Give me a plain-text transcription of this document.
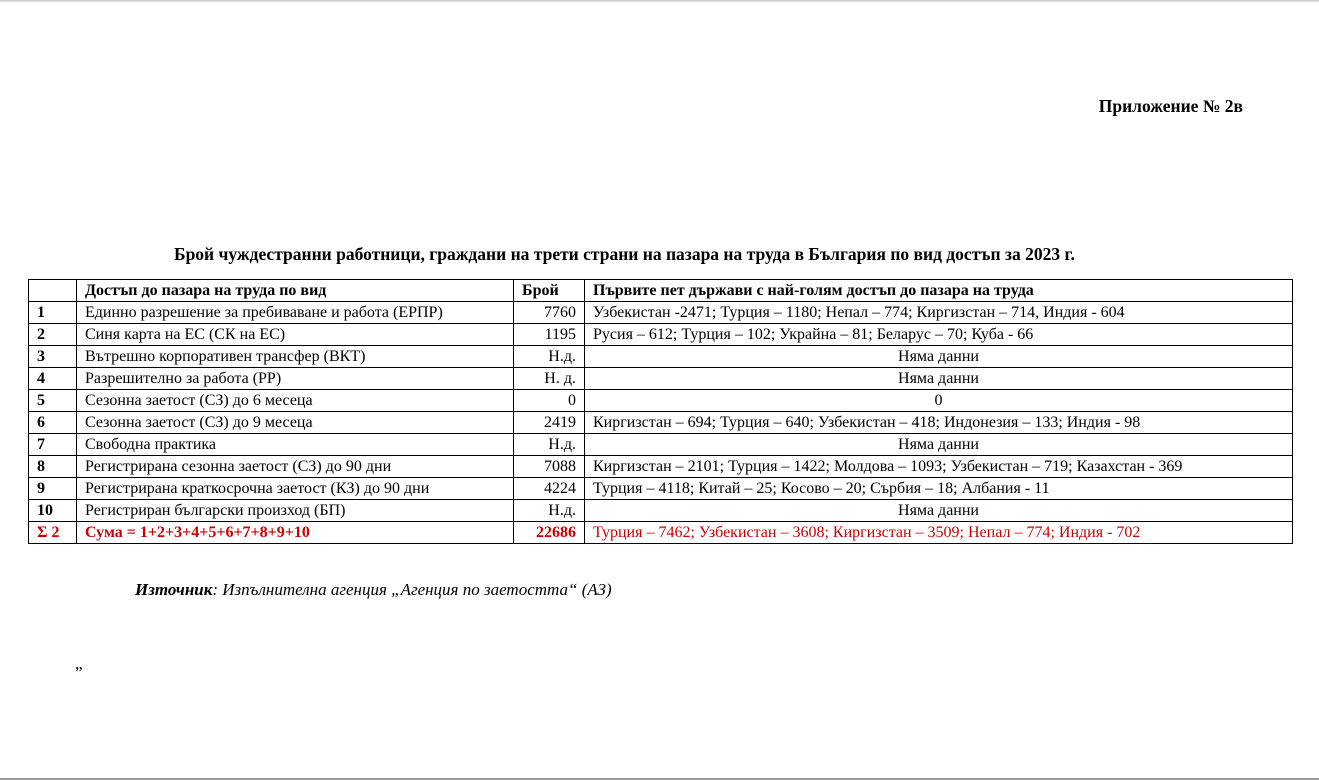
Приложение № 2в
Брой чуждестранни работници, граждани на трети страни на пазара на труда в България по вид достъп за 2023 г.
	Достъп до пазара на труда по вид	Брой	Първите пет държави с най-голям достъп до пазара на труда
1	Единно разрешение за пребиваване и работа (ЕРПР)	7760	Узбекистан -2471; Турция – 1180; Непал – 774; Киргизстан – 714, Индия - 604
2	Синя карта на ЕС (СК на ЕС)	1195	Русия – 612; Турция – 102; Украйна – 81; Беларус – 70; Куба - 66
3	Вътрешно корпоративен трансфер (ВКТ)	Н.д.	Няма данни
4	Разрешително за работа (РР)	Н. д.	Няма данни
5	Сезонна заетост (СЗ) до 6 месеца	0	0
6	Сезонна заетост (СЗ) до 9 месеца	2419	Киргизстан – 694; Турция – 640; Узбекистан – 418; Индонезия – 133; Индия - 98
7	Свободна практика	Н.д.	Няма данни
8	Регистрирана сезонна заетост (СЗ) до 90 дни	7088	Киргизстан – 2101; Турция – 1422; Молдова – 1093; Узбекистан – 719; Казахстан - 369
9	Регистрирана краткосрочна заетост (КЗ) до 90 дни	4224	Турция – 4118; Китай – 25; Косово – 20; Сърбия – 18; Албания - 11
10	Регистриран български произход (БП)	Н.д.	Няма данни
Σ 2	Сума = 1+2+3+4+5+6+7+8+9+10	22686	Турция – 7462; Узбекистан – 3608; Киргизстан – 3509; Непал – 774; Индия - 702
Източник: Изпълнителна агенция „Агенция по заетостта“ (АЗ)
„
